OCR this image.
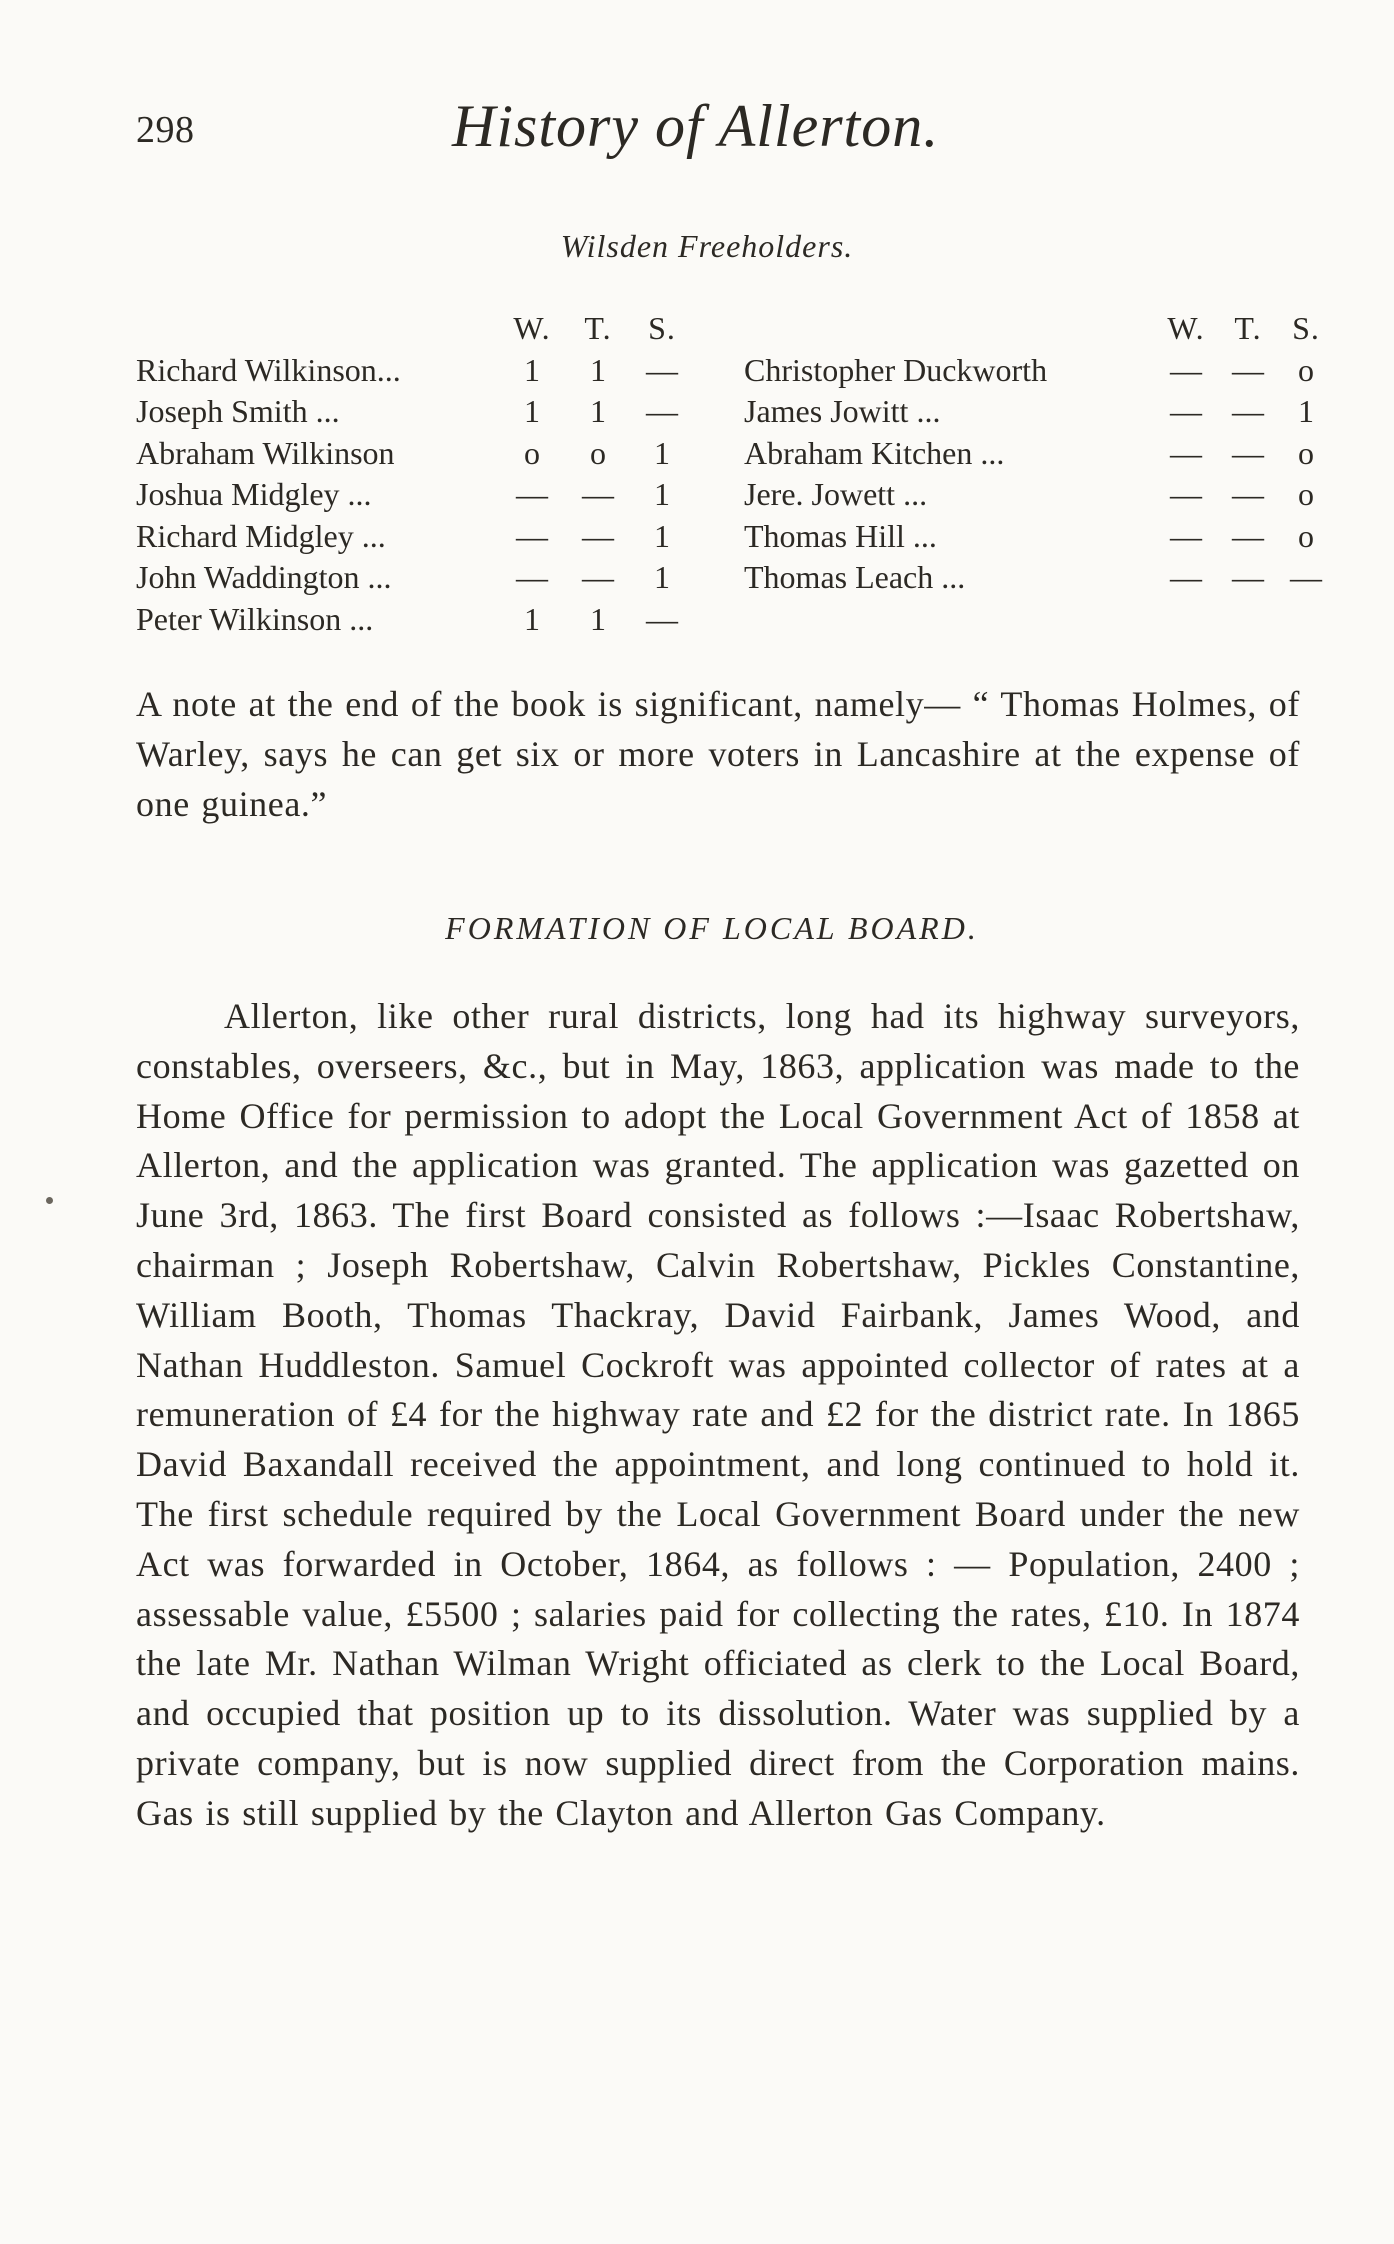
298	History of Allerton.
Wilsden Freeholders.
W. T. S.
Richard Wilkinson...	1	1	—
Joseph Smith ...	1	1	—
Abraham Wilkinson	o	o	1
Joshua Midgley ...	— —	1
Richard Midgley ...	— —	1
John Waddington ...	— —	1
Peter Wilkinson ...	1	1	—
W. T. S.
Christopher Duckworth	— —	o
James Jowitt ...	— —	1
Abraham Kitchen ...	— —	o
Jere. Jowett ...	— —	o
Thomas Hill ...	— —	o
Thomas Leach ...	— — —

A note at the end of the book is significant, namely— “ Thomas Holmes, of Warley, says he can get six or more voters in Lancashire at the expense of one guinea.”

FORMATION OF LOCAL BOARD.

Allerton, like other rural districts, long had its highway surveyors, constables, overseers, &c., but in May, 1863, application was made to the Home Office for permission to adopt the Local Government Act of 1858 at Allerton, and the application was granted. The application was gazetted on June 3rd, 1863. The first Board consisted as follows :—Isaac Robertshaw, chairman ; Joseph Robertshaw, Calvin Robertshaw, Pickles Constantine, William Booth, Thomas Thackray, David Fairbank, James Wood, and Nathan Huddleston. Samuel Cockroft was appointed collector of rates at a remuneration of £4 for the highway rate and £2 for the district rate. In 1865 David Baxandall received the appointment, and long continued to hold it. The first schedule required by the Local Government Board under the new Act was forwarded in October, 1864, as follows : — Population, 2400 ; assessable value, £5500 ; salaries paid for collecting the rates, £10. In 1874 the late Mr. Nathan Wilman Wright officiated as clerk to the Local Board, and occupied that position up to its dissolution. Water was supplied by a private company, but is now supplied direct from the Corporation mains. Gas is still supplied by the Clayton and Allerton Gas Company.
